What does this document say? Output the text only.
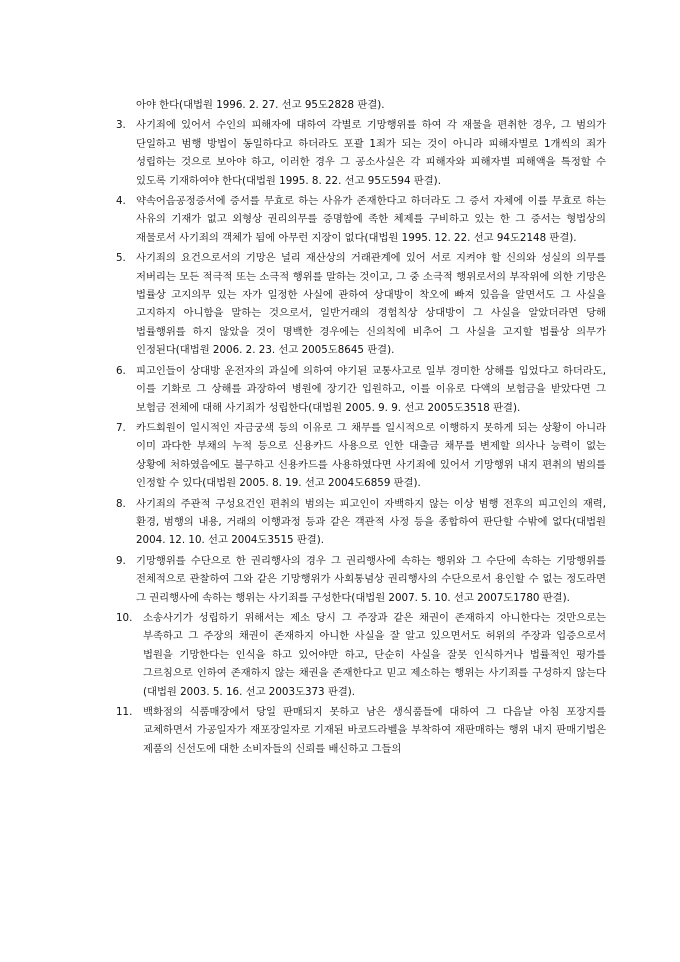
아야 한다(대법원 1996. 2. 27. 선고 95도2828 판결).

3. 사기죄에 있어서 수인의 피해자에 대하여 각별로 기망행위를 하여 각 재물을 편취한 경우, 그 범의가 단일하고 범행 방법이 동일하다고 하더라도 포괄 1죄가 되는 것이 아니라 피해자별로 1개씩의 죄가 성립하는 것으로 보아야 하고, 이러한 경우 그 공소사실은 각 피해자와 피해자별 피해액을 특정할 수 있도록 기재하여야 한다(대법원 1995. 8. 22. 선고 95도594 판결).
4. 약속어음공정증서에 증서를 무효로 하는 사유가 존재한다고 하더라도 그 증서 자체에 이를 무효로 하는 사유의 기재가 없고 외형상 권리의무를 증명함에 족한 체제를 구비하고 있는 한 그 증서는 형법상의 재물로서 사기죄의 객체가 됨에 아무런 지장이 없다(대법원 1995. 12. 22. 선고 94도2148 판결).
5. 사기죄의 요건으로서의 기망은 널리 재산상의 거래관계에 있어 서로 지켜야 할 신의와 성실의 의무를 저버리는 모든 적극적 또는 소극적 행위를 말하는 것이고, 그 중 소극적 행위로서의 부작위에 의한 기망은 법률상 고지의무 있는 자가 일정한 사실에 관하여 상대방이 착오에 빠져 있음을 알면서도 그 사실을 고지하지 아니함을 말하는 것으로서, 일반거래의 경험칙상 상대방이 그 사실을 알았더라면 당해 법률행위를 하지 않았을 것이 명백한 경우에는 신의칙에 비추어 그 사실을 고지할 법률상 의무가 인정된다(대법원 2006. 2. 23. 선고 2005도8645 판결).
6. 피고인들이 상대방 운전자의 과실에 의하여 야기된 교통사고로 일부 경미한 상해를 입었다고 하더라도, 이를 기화로 그 상해를 과장하여 병원에 장기간 입원하고, 이를 이유로 다액의 보험금을 받았다면 그 보험금 전체에 대해 사기죄가 성립한다(대법원 2005. 9. 9. 선고 2005도3518 판결).
7. 카드회원이 일시적인 자금궁색 등의 이유로 그 채무를 일시적으로 이행하지 못하게 되는 상황이 아니라 이미 과다한 부채의 누적 등으로 신용카드 사용으로 인한 대출금 채무를 변제할 의사나 능력이 없는 상황에 처하였음에도 불구하고 신용카드를 사용하였다면 사기죄에 있어서 기망행위 내지 편취의 범의를 인정할 수 있다(대법원 2005. 8. 19. 선고 2004도6859 판결).
8. 사기죄의 주관적 구성요건인 편취의 범의는 피고인이 자백하지 않는 이상 범행 전후의 피고인의 재력, 환경, 범행의 내용, 거래의 이행과정 등과 같은 객관적 사정 등을 종합하여 판단할 수밖에 없다(대법원 2004. 12. 10. 선고 2004도3515 판결).
9. 기망행위를 수단으로 한 권리행사의 경우 그 권리행사에 속하는 행위와 그 수단에 속하는 기망행위를 전체적으로 관찰하여 그와 같은 기망행위가 사회통념상 권리행사의 수단으로서 용인할 수 없는 정도라면 그 권리행사에 속하는 행위는 사기죄를 구성한다(대법원 2007. 5. 10. 선고 2007도1780 판결).
10.	소송사기가 성립하기 위해서는 제소 당시 그 주장과 같은 채권이 존재하지 아니한다는 것만으로는 부족하고 그 주장의 채권이 존재하지 아니한 사실을 잘 알고 있으면서도 허위의 주장과 입증으로서 법원을 기망한다는 인식을 하고 있어야만 하고, 단순히 사실을 잘못 인식하거나 법률적인 평가를 그르침으로 인하여 존재하지 않는 채권을 존재한다고 믿고 제소하는 행위는 사기죄를 구성하지 않는다(대법원 2003. 5. 16. 선고 2003도373 판결).
11.	백화점의 식품매장에서 당일 판매되지 못하고 남은 생식품들에 대하여 그 다음날 아침 포장지를 교체하면서 가공일자가 재포장일자로 기재된 바코드라벨을 부착하여 재판매하는 행위 내지 판매기법은 제품의 신선도에 대한 소비자들의 신뢰를 배신하고 그들의
